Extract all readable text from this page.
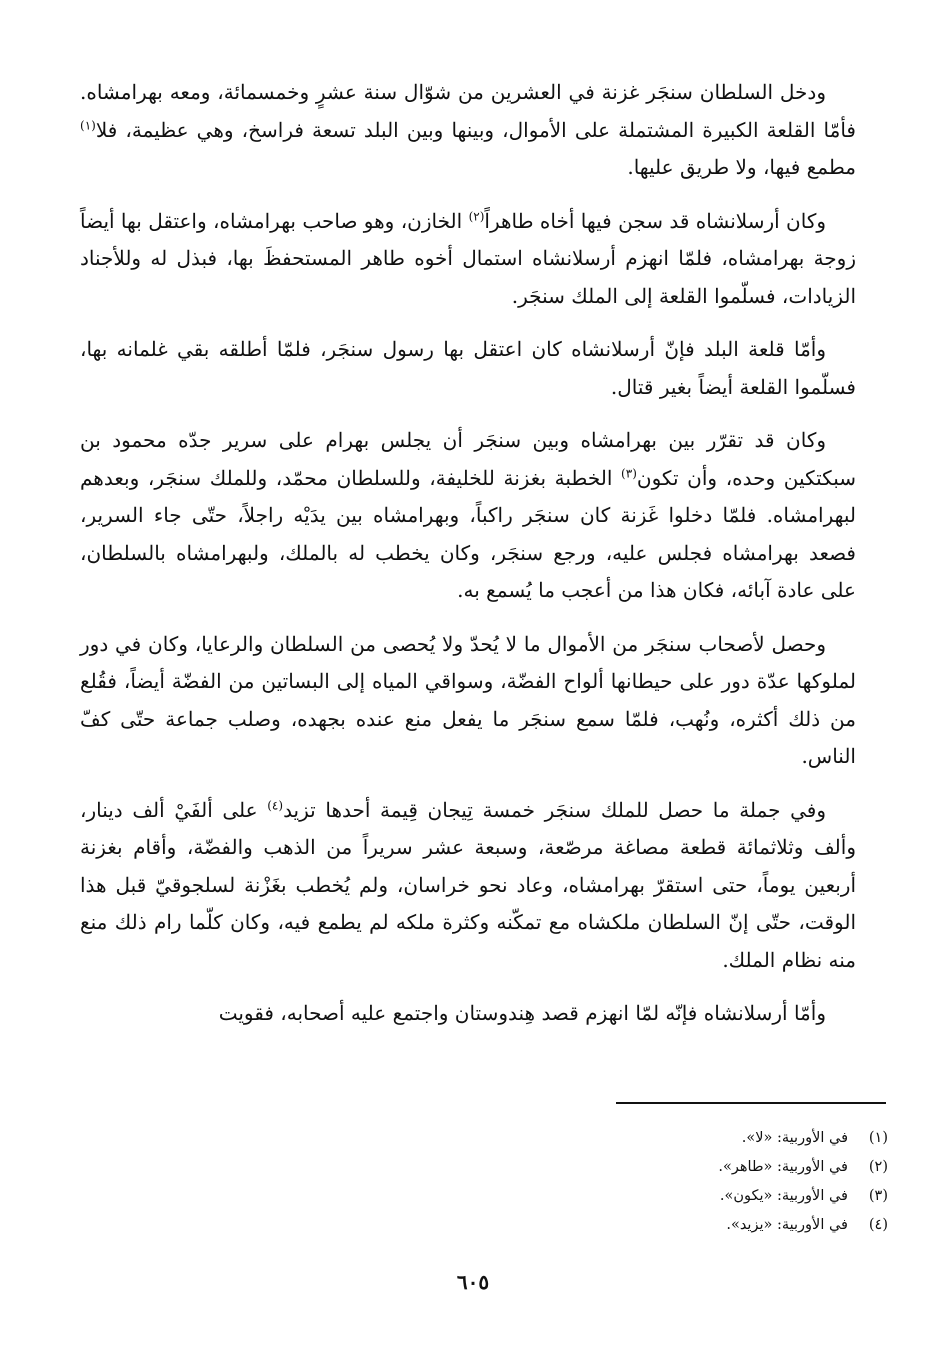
ودخل السلطان سنجَر غزنة في العشرين من شوّال سنة عشرٍ وخمسمائة، ومعه بهرامشاه. فأمّا القلعة الكبيرة المشتملة على الأموال، وبينها وبين البلد تسعة فراسخ، وهي عظيمة، فلا$^{(١)}$ مطمع فيها، ولا طريق عليها.

وكان أرسلانشاه قد سجن فيها أخاه طاهراً$^{(٢)}$ الخازن، وهو صاحب بهرامشاه، واعتقل بها أيضاً زوجة بهرامشاه، فلمّا انهزم أرسلانشاه استمال أخوه طاهر المستحفظَ بها، فبذل له وللأجناد الزيادات، فسلّموا القلعة إلى الملك سنجَر.

وأمّا قلعة البلد فإنّ أرسلانشاه كان اعتقل بها رسول سنجَر، فلمّا أطلقه بقي غلمانه بها، فسلّموا القلعة أيضاً بغير قتال.

وكان قد تقرّر بين بهرامشاه وبين سنجَر أن يجلس بهرام على سرير جدّه محمود بن سبكتكين وحده، وأن تكون$^{(٣)}$ الخطبة بغزنة للخليفة، وللسلطان محمّد، وللملك سنجَر، وبعدهم لبهرامشاه. فلمّا دخلوا غَزنة كان سنجَر راكباً، وبهرامشاه بين يدَيْه راجلاً، حتّى جاء السرير، فصعد بهرامشاه فجلس عليه، ورجع سنجَر، وكان يخطب له بالملك، ولبهرامشاه بالسلطان، على عادة آبائه، فكان هذا من أعجب ما يُسمع به.

وحصل لأصحاب سنجَر من الأموال ما لا يُحدّ ولا يُحصى من السلطان والرعايا، وكان في دور لملوكها عدّة دور على حيطانها ألواح الفضّة، وسواقي المياه إلى البساتين من الفضّة أيضاً، فقُلع من ذلك أكثره، ونُهب، فلمّا سمع سنجَر ما يفعل منع عنده بجهده، وصلب جماعة حتّى كفّ الناس.

وفي جملة ما حصل للملك سنجَر خمسة تِيجان قِيمة أحدها تزيد$^{(٤)}$ على ألفَيْ ألف دينار، وألف وثلاثمائة قطعة مصاغة مرصّعة، وسبعة عشر سريراً من الذهب والفضّة، وأقام بغزنة أربعين يوماً، حتى استقرّ بهرامشاه، وعاد نحو خراسان، ولم يُخطب بغَزْنة لسلجوقيّ قبل هذا الوقت، حتّى إنّ السلطان ملكشاه مع تمكّنه وكثرة ملكه لم يطمع فيه، وكان كلّما رام ذلك منع منه نظام الملك.

وأمّا أرسلانشاه فإنّه لمّا انهزم قصد هِندوستان واجتمع عليه أصحابه، فقويت

(١)
في الأوربية: «لا».
(٢)
في الأوربية: «طاهر».
(٣)
في الأوربية: «يكون».
(٤)
في الأوربية: «يزيد».
٦٠٥
